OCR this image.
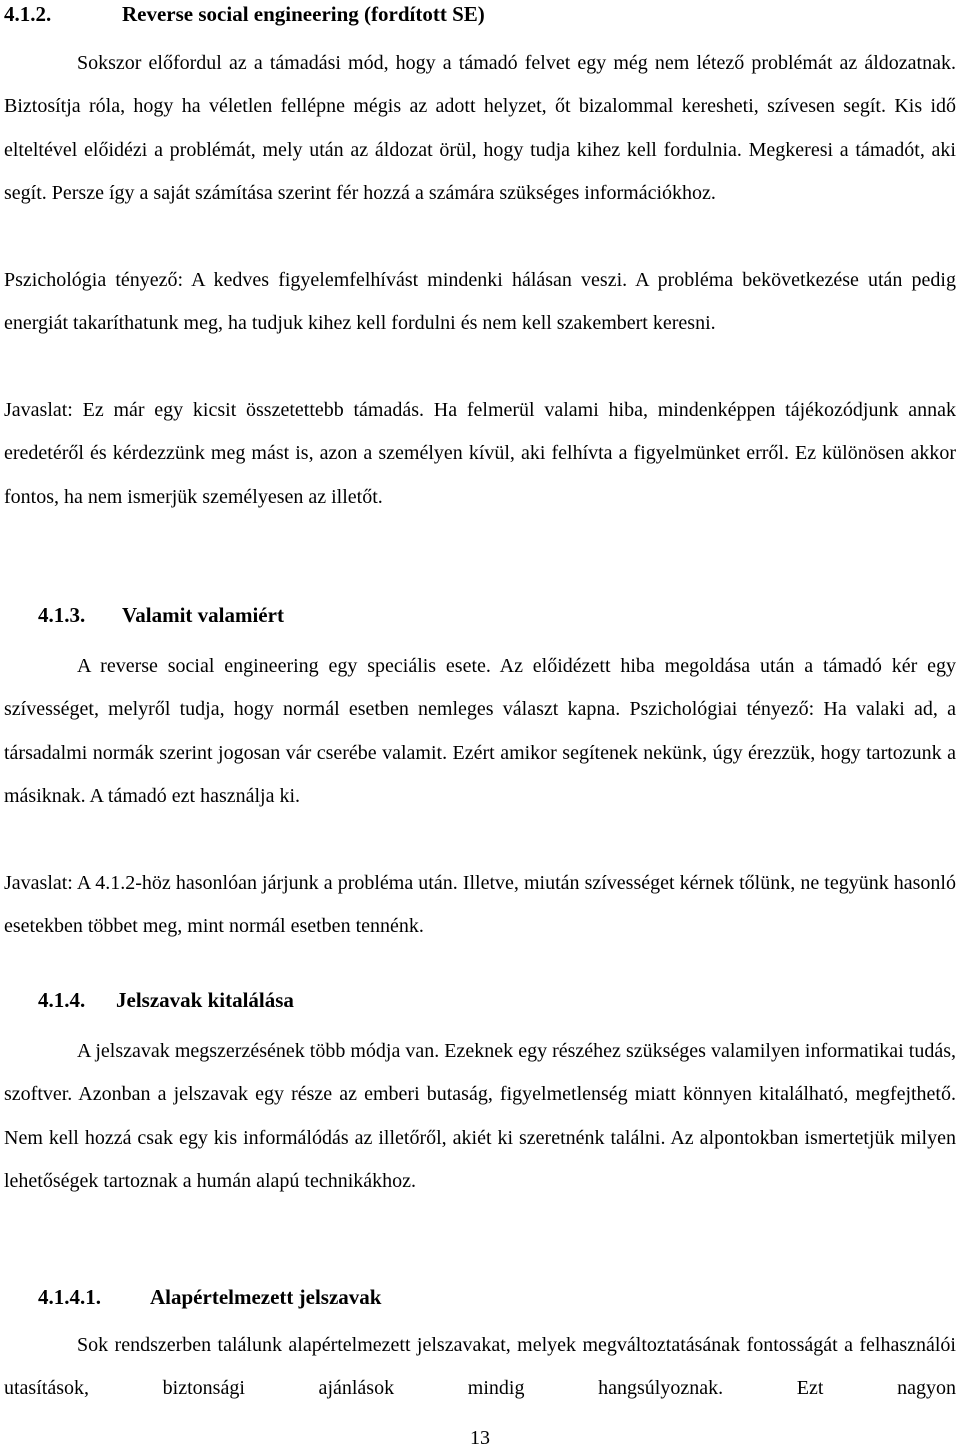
4.1.2.	Reverse social engineering (fordított SE)

Sokszor előfordul az a támadási mód, hogy a támadó felvet egy még nem létező problémát az áldozatnak. Biztosítja róla, hogy ha véletlen fellépne mégis az adott helyzet, őt bizalommal keresheti, szívesen segít. Kis idő elteltével előidézi a problémát, mely után az áldozat örül, hogy tudja kihez kell fordulnia. Megkeresi a támadót, aki segít. Persze így a saját számítása szerint fér hozzá a számára szükséges információkhoz.

Pszichológia tényező: A kedves figyelemfelhívást mindenki hálásan veszi. A probléma bekövetkezése után pedig energiát takaríthatunk meg, ha tudjuk kihez kell fordulni és nem kell szakembert keresni.

Javaslat: Ez már egy kicsit összetettebb támadás. Ha felmerül valami hiba, mindenképpen tájékozódjunk annak eredetéről és kérdezzünk meg mást is, azon a személyen kívül, aki felhívta a figyelmünket erről. Ez különösen akkor fontos, ha nem ismerjük személyesen az illetőt.

4.1.3. Valamit valamiért

A reverse social engineering egy speciális esete. Az előidézett hiba megoldása után a támadó kér egy szívességet, melyről tudja, hogy normál esetben nemleges választ kapna. Pszichológiai tényező: Ha valaki ad, a társadalmi normák szerint jogosan vár cserébe valamit. Ezért amikor segítenek nekünk, úgy érezzük, hogy tartozunk a másiknak. A támadó ezt használja ki.

Javaslat: A 4.1.2-höz hasonlóan járjunk a probléma után. Illetve, miután szívességet kérnek tőlünk, ne tegyünk hasonló esetekben többet meg, mint normál esetben tennénk.

4.1.4. Jelszavak kitalálása

A jelszavak megszerzésének több módja van. Ezeknek egy részéhez szükséges valamilyen informatikai tudás, szoftver. Azonban a jelszavak egy része az emberi butaság, figyelmetlenség miatt könnyen kitalálható, megfejthető. Nem kell hozzá csak egy kis informálódás az illetőről, akiét ki szeretnénk találni. Az alpontokban ismertetjük milyen lehetőségek tartoznak a humán alapú technikákhoz.

4.1.4.1. Alapértelmezett jelszavak

Sok rendszerben találunk alapértelmezett jelszavakat, melyek megváltoztatásának fontosságát a felhasználói utasítások, biztonsági ajánlások mindig hangsúlyoznak. Ezt nagyon

13
